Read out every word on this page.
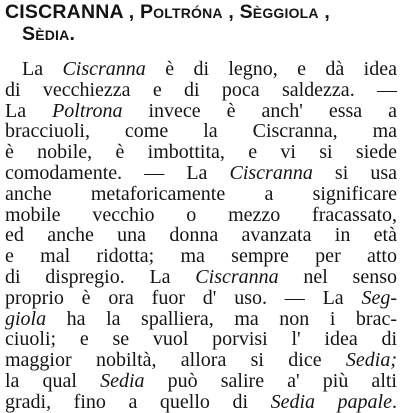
CISCRANNA , Poltróna , Sèggiola ,
Sèdia.
La Ciscranna è di legno, e dà idea
di vecchiezza e di poca saldezza. —
La Poltrona invece è anch' essa a
bracciuoli, come la Ciscranna, ma
è nobile, è imbottita, e vi si siede
comodamente. — La Ciscranna si usa
anche metaforicamente a significare
mobile vecchio o mezzo fracassato,
ed anche una donna avanzata in età
e mal ridotta; ma sempre per atto
di dispregio. La Ciscranna nel senso
proprio è ora fuor d' uso. — La Seg-
giola ha la spalliera, ma non i brac-
ciuoli; e se vuol porvisi l' idea di
maggior nobiltà, allora si dice Sedia;
la qual Sedia può salire a' più alti
gradi, fino a quello di Sedia papale.
